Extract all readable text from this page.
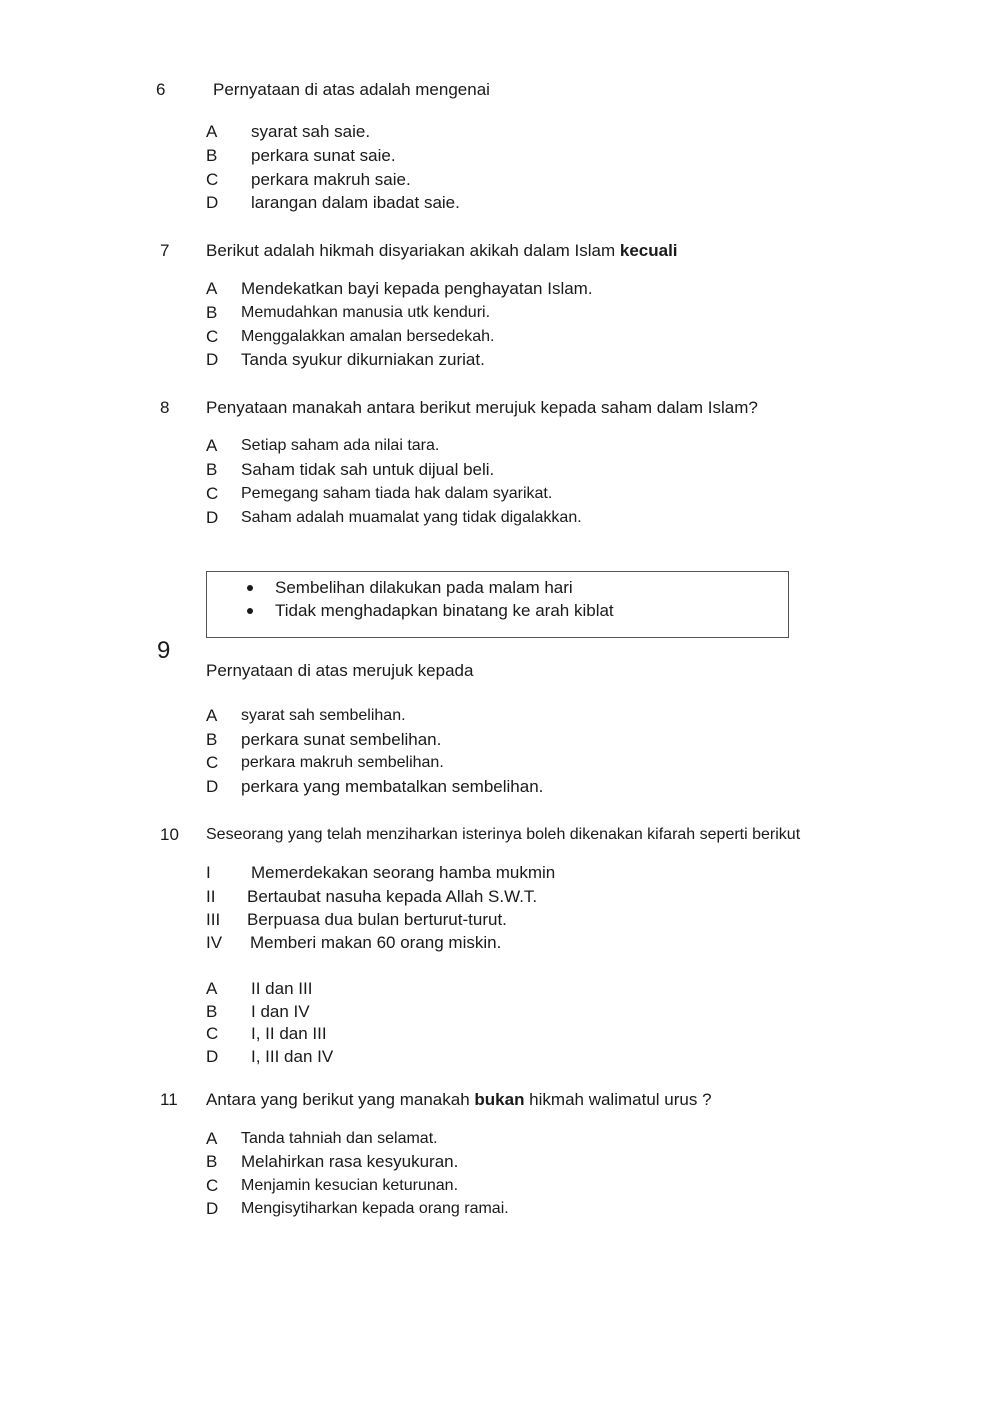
6	Pernyataan di atas adalah mengenai
A syarat sah saie.
B perkara sunat saie.
C perkara makruh saie.
D larangan dalam ibadat saie.
7 Berikut adalah hikmah disyariakan akikah dalam Islam kecuali
A Mendekatkan bayi kepada penghayatan Islam.
B Memudahkan manusia utk kenduri.
C Menggalakkan amalan bersedekah.
D Tanda syukur dikurniakan zuriat.
8 Penyataan manakah antara berikut merujuk kepada saham dalam Islam?
A Setiap saham ada nilai tara.
B Saham tidak sah untuk dijual beli.
C Pemegang saham tiada hak dalam syarikat.
D Saham adalah muamalat yang tidak digalakkan.
Sembelihan dilakukan pada malam hari
Tidak menghadapkan binatang ke arah kiblat
9
Pernyataan di atas merujuk kepada
A syarat sah sembelihan.
B perkara sunat sembelihan.
C perkara makruh sembelihan.
D perkara yang membatalkan sembelihan.
10 Seseorang yang telah menziharkan isterinya boleh dikenakan kifarah seperti berikut
I Memerdekakan seorang hamba mukmin
II Bertaubat nasuha kepada Allah S.W.T.
III Berpuasa dua bulan berturut-turut.
IV Memberi makan 60 orang miskin.
A II dan III
B I dan IV
C I, II dan III
D I, III dan IV
11 Antara yang berikut yang manakah bukan hikmah walimatul urus ?
A Tanda tahniah dan selamat.
B Melahirkan rasa kesyukuran.
C Menjamin kesucian keturunan.
D Mengisytiharkan kepada orang ramai.
